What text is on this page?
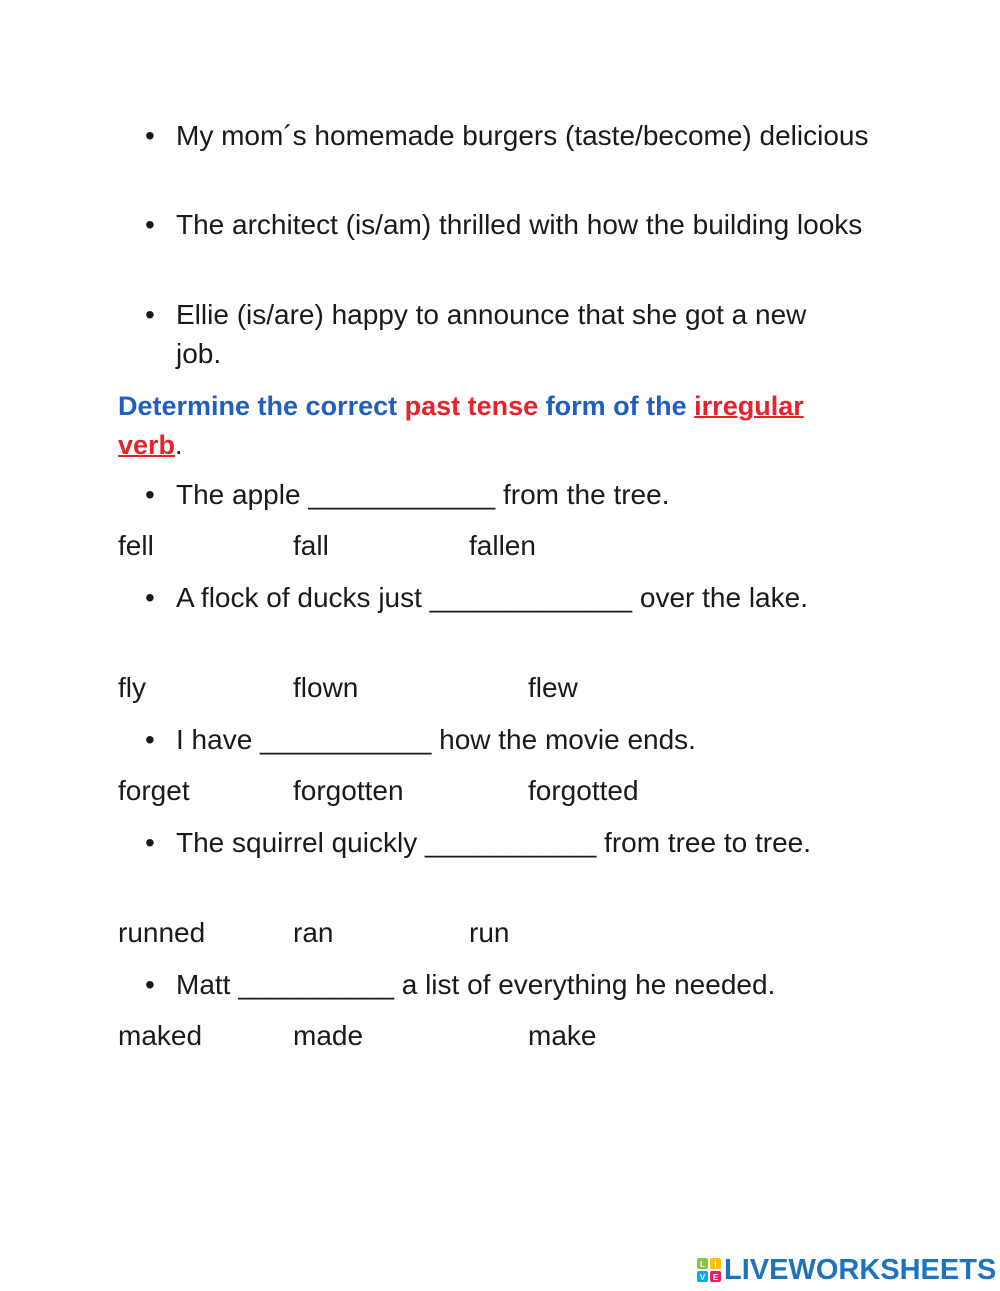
• My mom´s homemade burgers (taste/become) delicious
• The architect (is/am) thrilled with how the building looks
• Ellie (is/are) happy to announce that she got a new job.
Determine the correct past tense form of the irregular verb.
• The apple ____________ from the tree.
fell	fall	fallen
• A flock of ducks just _____________ over the lake.
fly	flown	flew
• I have ___________ how the movie ends.
forget	forgotten	forgotted
• The squirrel quickly ___________ from tree to tree.
runned	ran	run
• Matt __________ a list of everything he needed.
maked	made	make
L I
V E LIVEWORKSHEETS
